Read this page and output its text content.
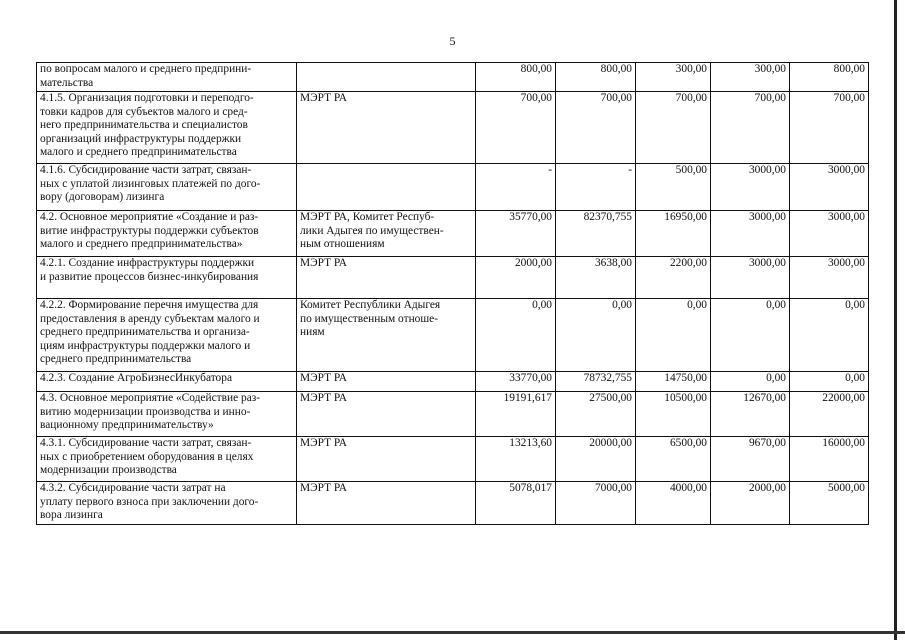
5
по вопросам малого и среднего предприни-
мательства		800,00	800,00	300,00	300,00	800,00
4.1.5. Организация подготовки и переподго-
товки кадров для субъектов малого и сред-
него предпринимательства и специалистов
организаций инфраструктуры поддержки
малого и среднего предпринимательства	МЭРТ РА	700,00	700,00	700,00	700,00	700,00
4.1.6. Субсидирование части затрат, связан-
ных с уплатой лизинговых платежей по дого-
вору (договорам) лизинга		-	-	500,00	3000,00	3000,00
4.2. Основное мероприятие «Создание и раз-
витие инфраструктуры поддержки субъектов
малого и среднего предпринимательства»	МЭРТ РА, Комитет Респуб-
лики Адыгея по имуществен-
ным отношениям	35770,00	82370,755	16950,00	3000,00	3000,00
4.2.1. Создание инфраструктуры поддержки
и развитие процессов бизнес-инкубирования	МЭРТ РА	2000,00	3638,00	2200,00	3000,00	3000,00
4.2.2. Формирование перечня имущества для
предоставления в аренду субъектам малого и
среднего предпринимательства и организа-
циям инфраструктуры поддержки малого и
среднего предпринимательства	Комитет Республики Адыгея
по имущественным отноше-
ниям	0,00	0,00	0,00	0,00	0,00
4.2.3. Создание АгроБизнесИнкубатора	МЭРТ РА	33770,00	78732,755	14750,00	0,00	0,00
4.3. Основное мероприятие «Содействие раз-
витию модернизации производства и инно-
вационному предпринимательству»	МЭРТ РА	19191,617	27500,00	10500,00	12670,00	22000,00
4.3.1. Субсидирование части затрат, связан-
ных с приобретением оборудования в целях
модернизации производства	МЭРТ РА	13213,60	20000,00	6500,00	9670,00	16000,00
4.3.2. Субсидирование части затрат на
уплату первого взноса при заключении дого-
вора лизинга	МЭРТ РА	5078,017	7000,00	4000,00	2000,00	5000,00
